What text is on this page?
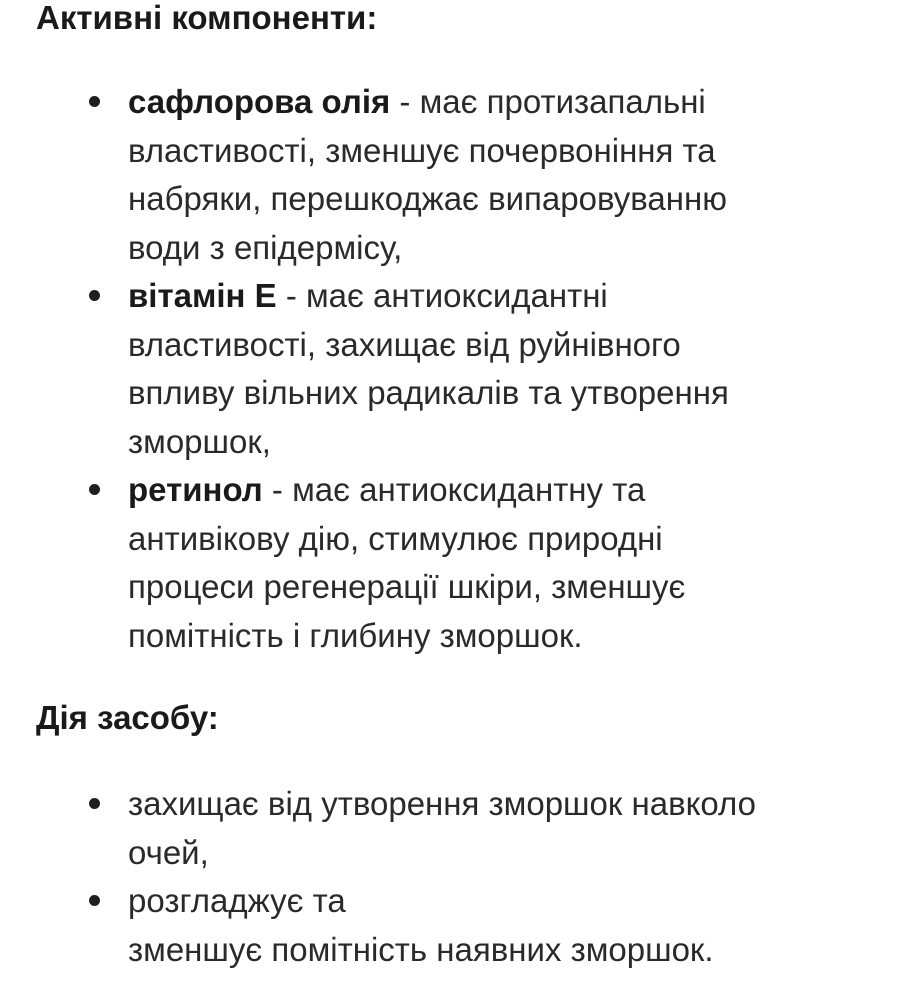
Активні компоненти:
сафлорова олія - має протизапальні
властивості, зменшує почервоніння та
набряки, перешкоджає випаровуванню
води з епідермісу,
вітамін Е - має антиоксидантні
властивості, захищає від руйнівного
впливу вільних радикалів та утворення
зморшок,
ретинол - має антиоксидантну та
антивікову дію, стимулює природні
процеси регенерації шкіри, зменшує
помітність і глибину зморшок.
Дія засобу:
захищає від утворення зморшок навколо
очей,
розгладжує та
зменшує помітність наявних зморшок.
